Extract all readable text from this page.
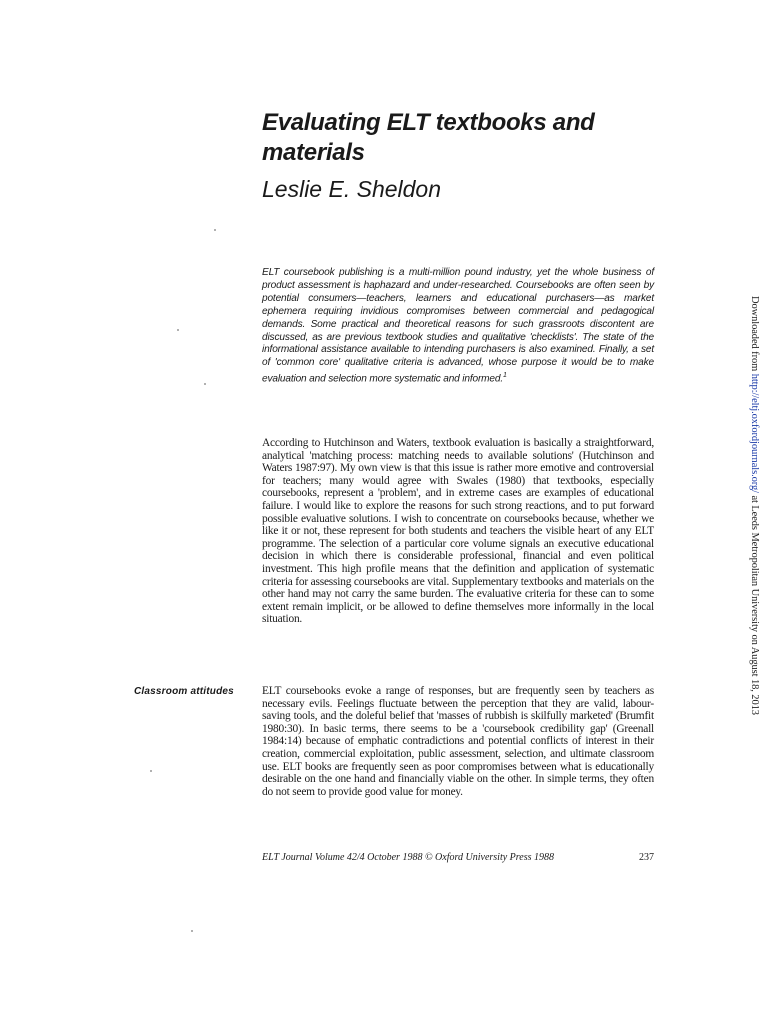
Evaluating ELT textbooks and materials
Leslie E. Sheldon

ELT coursebook publishing is a multi-million pound industry, yet the whole business of product assessment is haphazard and under-researched. Coursebooks are often seen by potential consumers—teachers, learners and educational purchasers—as market ephemera requiring invidious compromises between commercial and pedagogical demands. Some practical and theoretical reasons for such grassroots discontent are discussed, as are previous textbook studies and qualitative 'checklists'. The state of the informational assistance available to intending purchasers is also examined. Finally, a set of 'common core' qualitative criteria is advanced, whose purpose it would be to make evaluation and selection more systematic and informed.$^1$

According to Hutchinson and Waters, textbook evaluation is basically a straightforward, analytical 'matching process: matching needs to available solutions' (Hutchinson and Waters 1987:97). My own view is that this issue is rather more emotive and controversial for teachers; many would agree with Swales (1980) that textbooks, especially coursebooks, represent a 'problem', and in extreme cases are examples of educational failure. I would like to explore the reasons for such strong reactions, and to put forward possible evaluative solutions. I wish to concentrate on coursebooks because, whether we like it or not, these represent for both students and teachers the visible heart of any ELT programme. The selection of a particular core volume signals an executive educational decision in which there is considerable professional, financial and even political investment. This high profile means that the definition and application of systematic criteria for assessing coursebooks are vital. Supplementary textbooks and materials on the other hand may not carry the same burden. The evaluative criteria for these can to some extent remain implicit, or be allowed to define themselves more informally in the local situation.

Classroom attitudes ELT coursebooks evoke a range of responses, but are frequently seen by teachers as necessary evils. Feelings fluctuate between the perception that they are valid, labour-saving tools, and the doleful belief that 'masses of rubbish is skilfully marketed' (Brumfit 1980:30). In basic terms, there seems to be a 'coursebook credibility gap' (Greenall 1984:14) because of emphatic contradictions and potential conflicts of interest in their creation, commercial exploitation, public assessment, selection, and ultimate classroom use. ELT books are frequently seen as poor compromises between what is educationally desirable on the one hand and financially viable on the other. In simple terms, they often do not seem to provide good value for money.

ELT Journal Volume 42/4 October 1988 © Oxford University Press 1988	237
Downloaded from http://eltj.oxfordjournals.org/ at Leeds Metropolitan University on August 18, 2013
